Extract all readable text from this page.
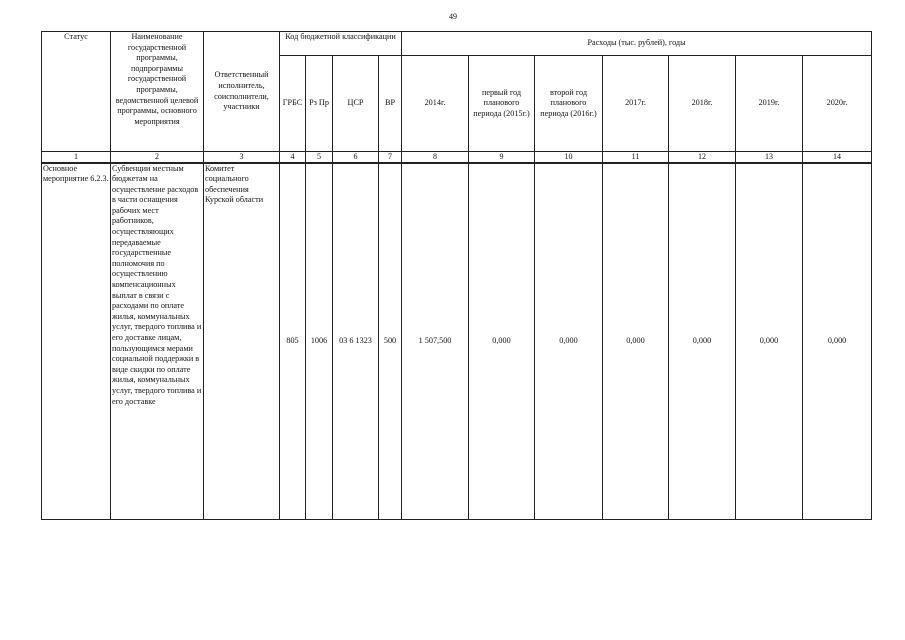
49
Статус	Наименование государственной программы, подпрограммы государственной программы, ведомственной целевой программы, основного мероприятия	Ответственный исполнитель, соисполнители, участники	Код бюджетной классификации				Расходы (тыс. рублей), годы						
			ГРБС	Рз Пр	ЦСР	ВР	2014г.	первый год планового периода (2015г.)	второй год планового периода (2016г.)	2017г.	2018г.	2019г.	2020г.
1	2	3	4	5	6	7	8	9	10	11	12	13	14
Основное мероприятие 6.2.3.	Субвенции местным бюджетам на осуществление расходов в части оснащения рабочих мест работников, осуществляющих передаваемые государственные полномочия по осуществлению компенсационных выплат в связи с расходами по оплате жилья, коммунальных услуг, твердого топлива и его доставке лицам, пользующимся мерами социальной поддержки в виде скидки по оплате жилья, коммунальных услуг, твердого топлива и его доставке	Комитет социального обеспечения Курской области	805	1006	03 6 1323	500	1 507,500	0,000	0,000	0,000	0,000	0,000	0,000
